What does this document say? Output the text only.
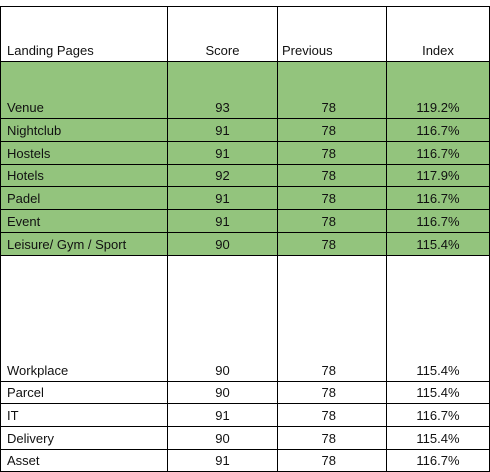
Landing Pages	Score	Previous	Index
Venue	93	78	119.2%
Nightclub	91	78	116.7%
Hostels	91	78	116.7%
Hotels	92	78	117.9%
Padel	91	78	116.7%
Event	91	78	116.7%
Leisure/ Gym / Sport	90	78	115.4%
Workplace	90	78	115.4%
Parcel	90	78	115.4%
IT	91	78	116.7%
Delivery	90	78	115.4%
Asset	91	78	116.7%
